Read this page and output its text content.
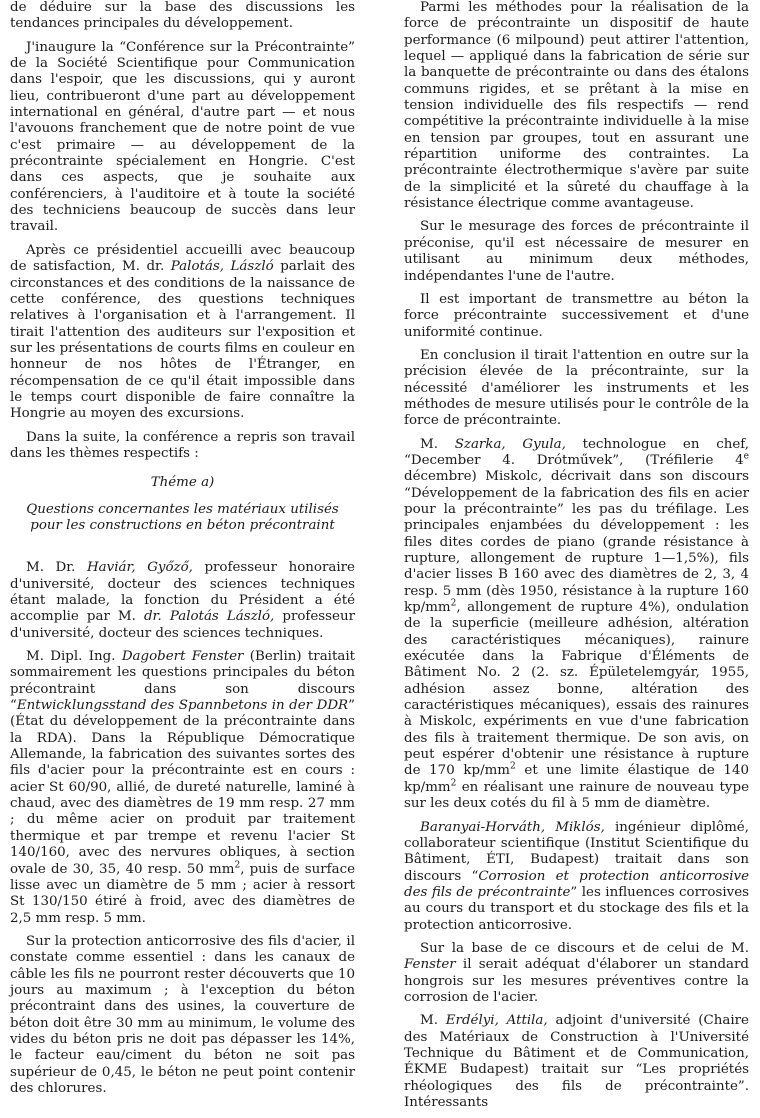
de déduire sur la base des discussions les tendances principales du développement.

J'inaugure la “Conférence sur la Précontrainte” de la Société Scientifique pour Communication dans l'espoir, que les discussions, qui y auront lieu, contribueront d'une part au développement international en général, d'autre part — et nous l'avouons franchement que de notre point de vue c'est primaire — au développement de la précontrainte spécialement en Hongrie. C'est dans ces aspects, que je souhaite aux conférenciers, à l'auditoire et à toute la société des techniciens beaucoup de succès dans leur travail.

Après ce présidentiel accueilli avec beaucoup de satisfaction, M. dr. Palotás, László parlait des circonstances et des conditions de la naissance de cette conférence, des questions techniques relatives à l'organisation et à l'arrangement. Il tirait l'attention des auditeurs sur l'exposition et sur les présentations de courts films en couleur en honneur de nos hôtes de l'Étranger, en récompensation de ce qu'il était impossible dans le temps court disponible de faire connaître la Hongrie au moyen des excursions.

Dans la suite, la conférence a repris son travail dans les thèmes respectifs :

Théme a)

Questions concernantes les matériaux utilisés
pour les constructions en béton précontraint

M. Dr. Haviár, Győző, professeur honoraire d'université, docteur des sciences techniques étant malade, la fonction du Président a été accomplie par M. dr. Palotás László, professeur d'université, docteur des sciences techniques.

M. Dipl. Ing. Dagobert Fenster (Berlin) traitait sommairement les questions principales du béton précontraint dans son discours “Entwicklungsstand des Spannbetons in der DDR” (État du développement de la précontrainte dans la RDA). Dans la République Démocratique Allemande, la fabrication des suivantes sortes des fils d'acier pour la précontrainte est en cours : acier St 60/90, allié, de dureté naturelle, laminé à chaud, avec des diamètres de 19 mm resp. 27 mm ; du même acier on produit par traitement thermique et par trempe et revenu l'acier St 140/160, avec des nervures obliques, à section ovale de 30, 35, 40 resp. 50 $mm^2$, puis de surface lisse avec un diamètre de 5 mm ; acier à ressort St 130/150 étiré à froid, avec des diamètres de 2,5 mm resp. 5 mm.

Sur la protection anticorrosive des fils d'acier, il constate comme essentiel : dans les canaux de câble les fils ne pourront rester découverts que 10 jours au maximum ; à l'exception du béton précontraint dans des usines, la couverture de béton doit être 30 mm au minimum, le volume des vides du béton pris ne doit pas dépasser les 14%, le facteur eau/ciment du béton ne soit pas supérieur de 0,45, le béton ne peut point contenir des chlorures.

Parmi les méthodes pour la réalisation de la force de précontrainte un dispositif de haute performance (6 milpound) peut attirer l'attention, lequel — appliqué dans la fabrication de série sur la banquette de précontrainte ou dans des étalons communs rigides, et se prêtant à la mise en tension individuelle des fils respectifs — rend compétitive la précontrainte individuelle à la mise en tension par groupes, tout en assurant une répartition uniforme des contraintes. La précontrainte électrothermique s'avère par suite de la simplicité et la sûreté du chauffage à la résistance électrique comme avantageuse.

Sur le mesurage des forces de précontrainte il préconise, qu'il est nécessaire de mesurer en utilisant au minimum deux méthodes, indépendantes l'une de l'autre.

Il est important de transmettre au béton la force précontrainte successivement et d'une uniformité continue.

En conclusion il tirait l'attention en outre sur la précision élevée de la précontrainte, sur la nécessité d'améliorer les instruments et les méthodes de mesure utilisés pour le contrôle de la force de précontrainte.

M. Szarka, Gyula, technologue en chef, “December 4. Drótművek”, (Tréfilerie 4e décembre) Miskolc, décrivait dans son discours “Développement de la fabrication des fils en acier pour la précontrainte” les pas du tréfilage. Les principales enjambées du développement : les files dites cordes de piano (grande résistance à rupture, allongement de rupture 1—1,5%), fils d'acier lisses B 160 avec des diamètres de 2, 3, 4 resp. 5 mm (dès 1950, résistance à la rupture 160 $kp/mm^2$, allongement de rupture 4%), ondulation de la superficie (meilleure adhésion, altération des caractéristiques mécaniques), rainure exécutée dans la Fabrique d'Éléments de Bâtiment No. 2 (2. sz. Épületelemgyár, 1955, adhésion assez bonne, altération des caractéristiques mécaniques), essais des rainures à Miskolc, expériments en vue d'une fabrication des fils à traitement thermique. De son avis, on peut espérer d'obtenir une résistance à rupture de 170 $kp/mm^2$ et une limite élastique de 140 $kp/mm^2$ en réalisant une rainure de nouveau type sur les deux cotés du fil à 5 mm de diamètre.

Baranyai-Horváth, Miklós, ingénieur diplômé, collaborateur scientifique (Institut Scientifique du Bâtiment, ÉTI, Budapest) traitait dans son discours “Corrosion et protection anticorrosive des fils de précontrainte” les influences corrosives au cours du transport et du stockage des fils et la protection anticorrosive.

Sur la base de ce discours et de celui de M. Fenster il serait adéquat d'élaborer un standard hongrois sur les mesures préventives contre la corrosion de l'acier.

M. Erdélyi, Attila, adjoint d'université (Chaire des Matériaux de Construction à l'Université Technique du Bâtiment et de Communication, ÉKME Budapest) traitait sur “Les propriétés rhéologiques des fils de précontrainte”. Intéressants
